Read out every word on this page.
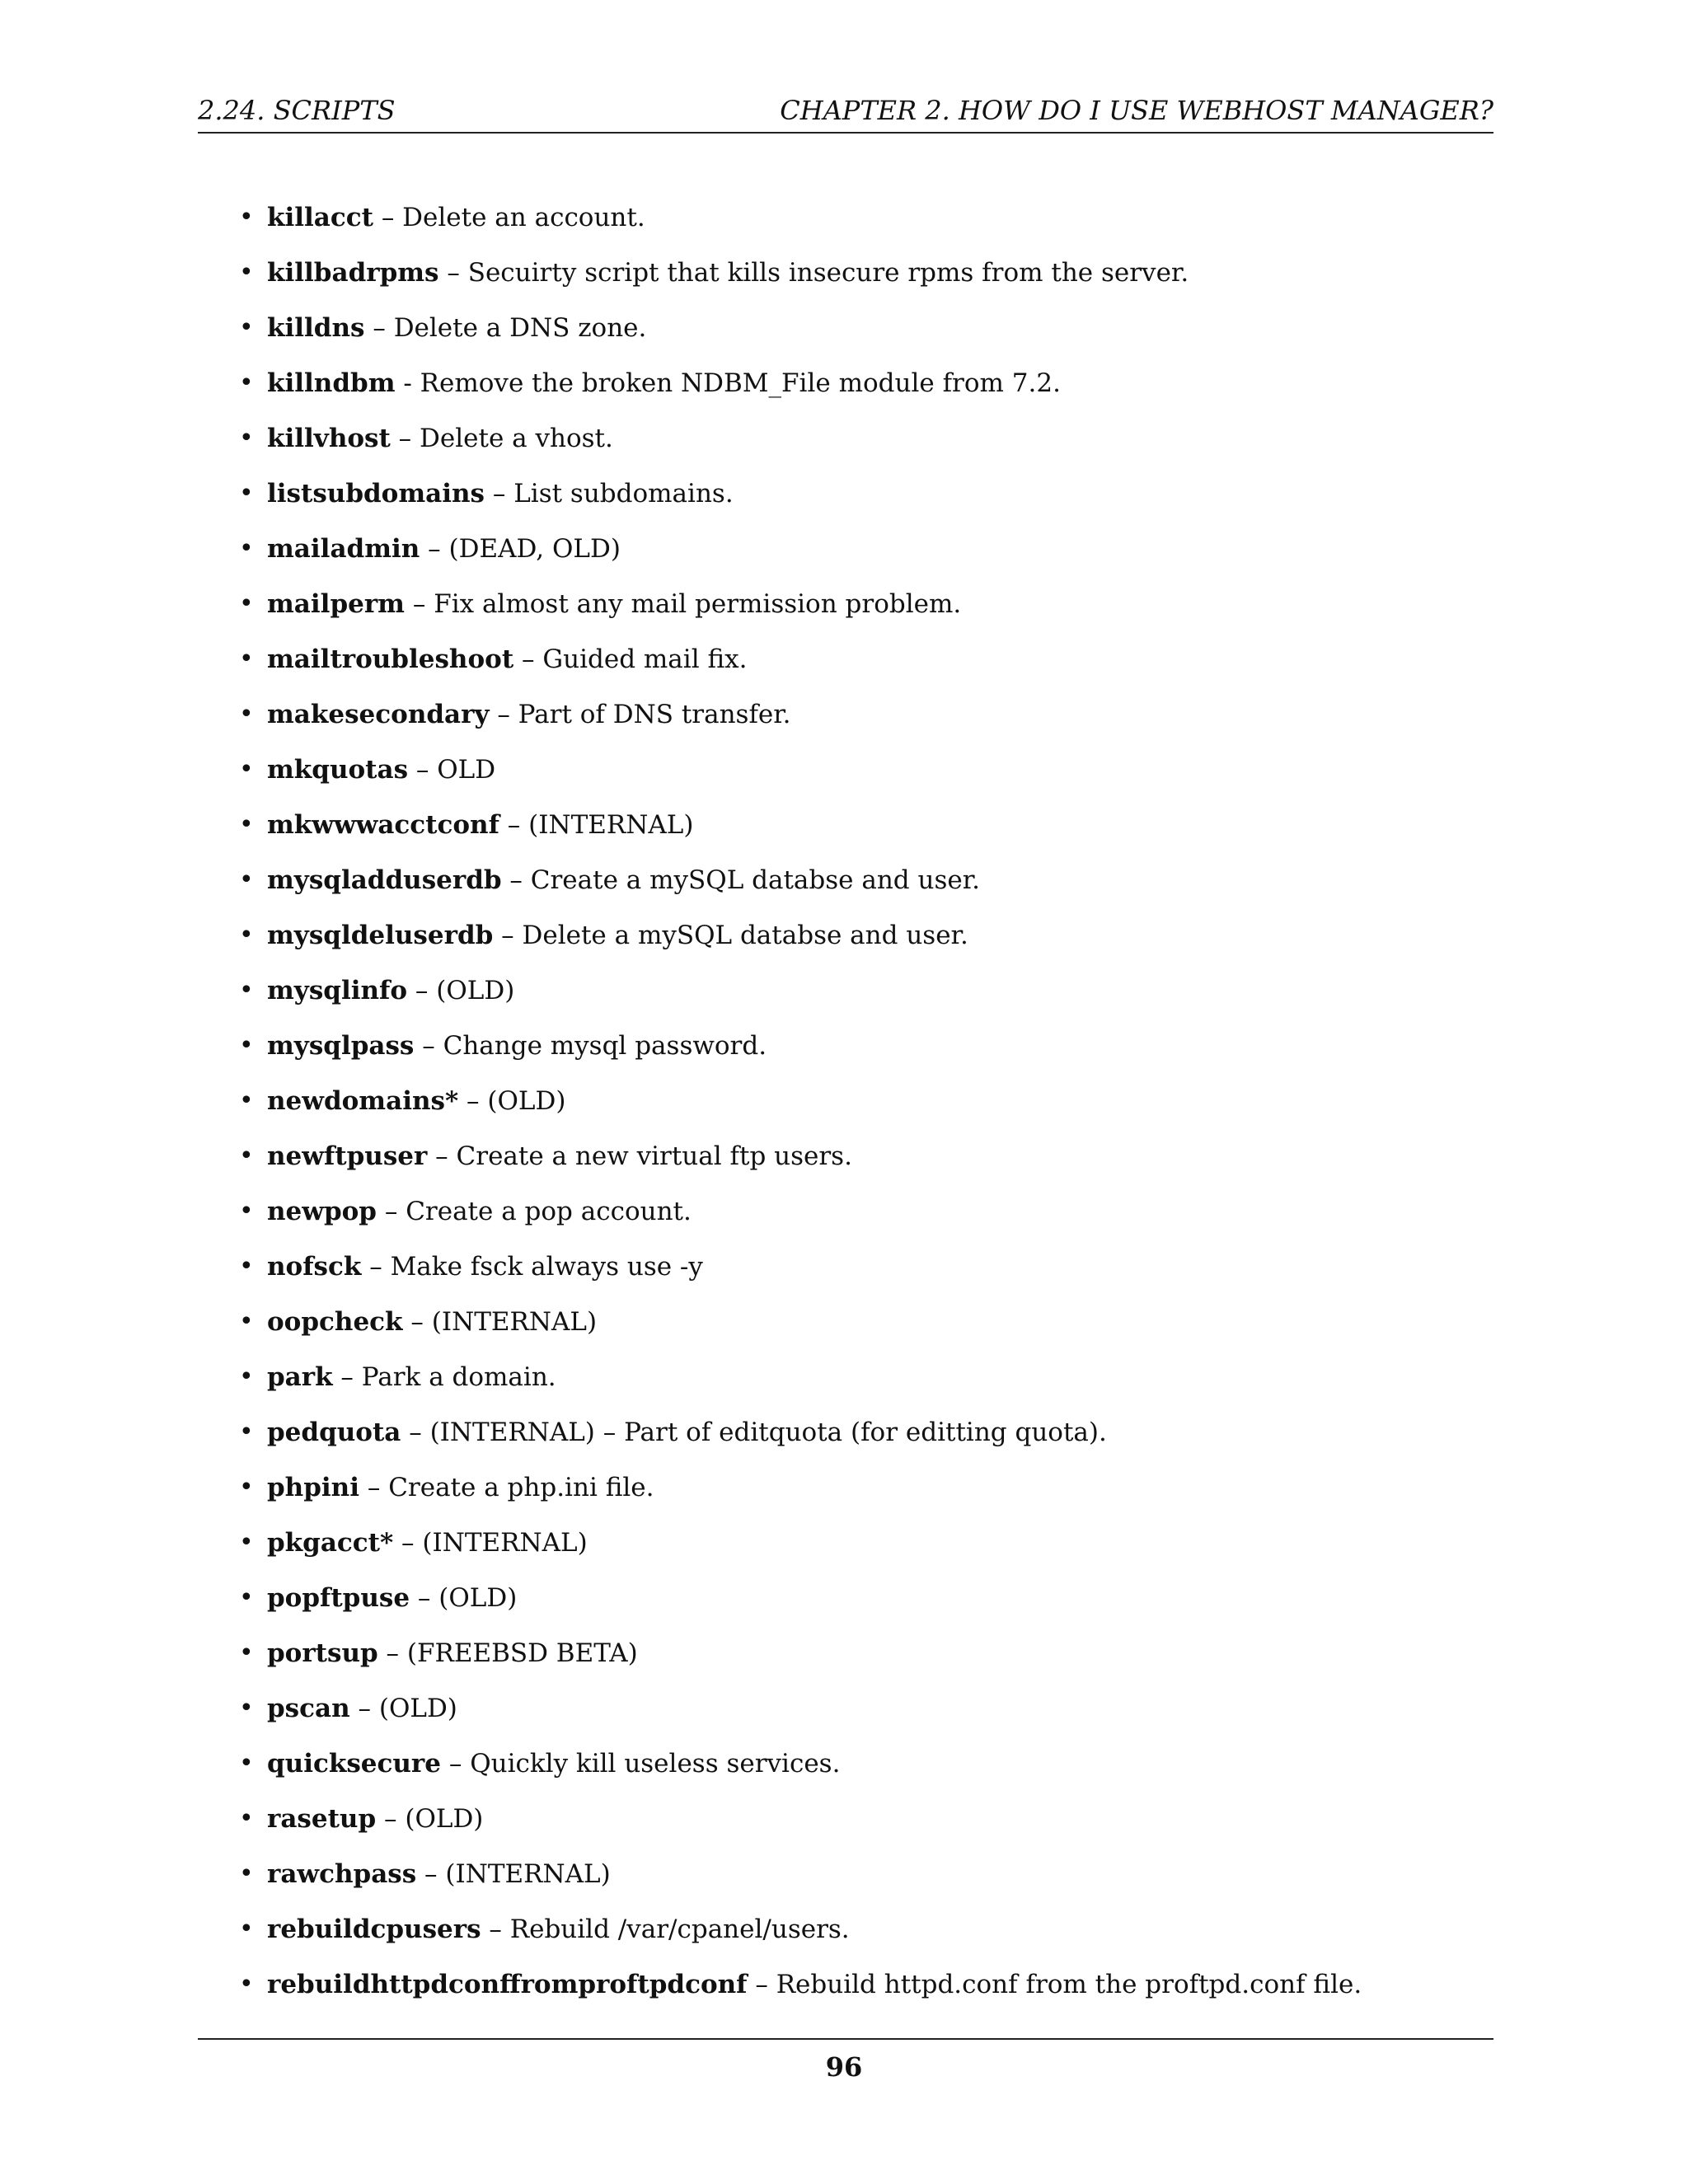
2.24. SCRIPTS	CHAPTER 2. HOW DO I USE WEBHOST MANAGER?
• killacct – Delete an account.
• killbadrpms – Secuirty script that kills insecure rpms from the server.
• killdns – Delete a DNS zone.
• killndbm - Remove the broken NDBM_File module from 7.2.
• killvhost – Delete a vhost.
• listsubdomains – List subdomains.
• mailadmin – (DEAD, OLD)
• mailperm – Fix almost any mail permission problem.
• mailtroubleshoot – Guided mail fix.
• makesecondary – Part of DNS transfer.
• mkquotas – OLD
• mkwwwacctconf – (INTERNAL)
• mysqladduserdb – Create a mySQL databse and user.
• mysqldeluserdb – Delete a mySQL databse and user.
• mysqlinfo – (OLD)
• mysqlpass – Change mysql password.
• newdomains* – (OLD)
• newftpuser – Create a new virtual ftp users.
• newpop – Create a pop account.
• nofsck – Make fsck always use -y
• oopcheck – (INTERNAL)
• park – Park a domain.
• pedquota – (INTERNAL) – Part of editquota (for editting quota).
• phpini – Create a php.ini file.
• pkgacct* – (INTERNAL)
• popftpuse – (OLD)
• portsup – (FREEBSD BETA)
• pscan – (OLD)
• quicksecure – Quickly kill useless services.
• rasetup – (OLD)
• rawchpass – (INTERNAL)
• rebuildcpusers – Rebuild /var/cpanel/users.
• rebuildhttpdconffromproftpdconf – Rebuild httpd.conf from the proftpd.conf file.
96
